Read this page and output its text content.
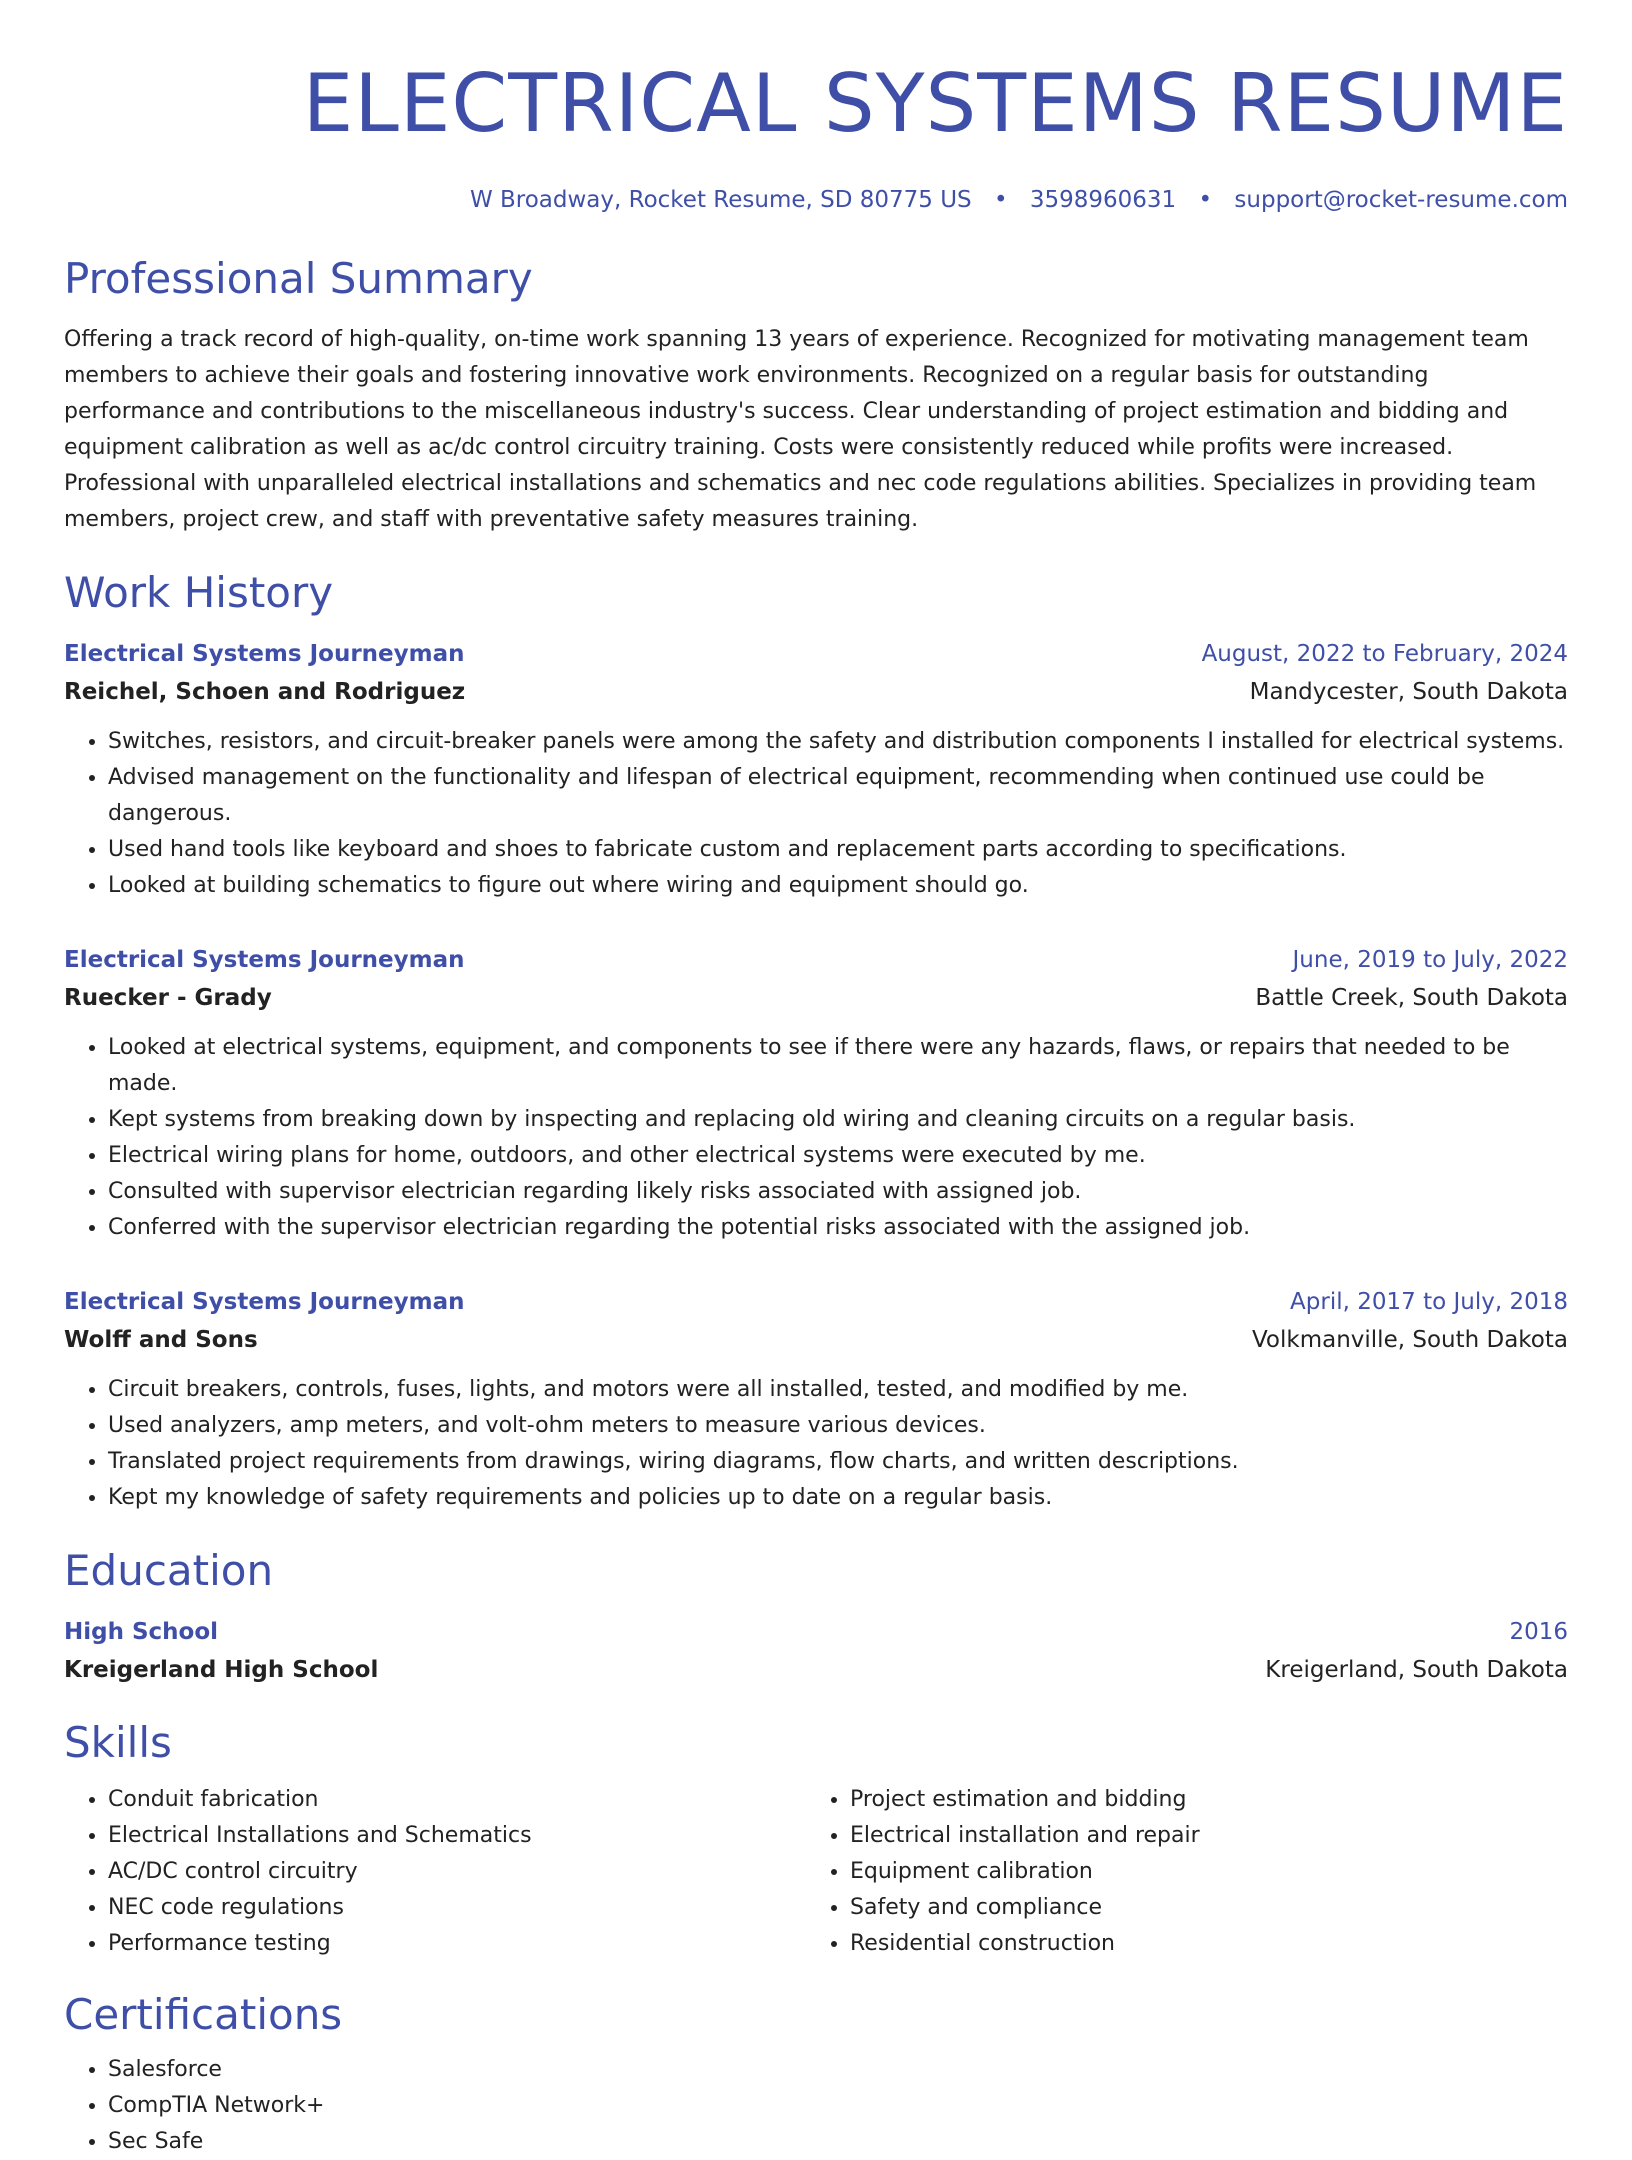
ELECTRICAL SYSTEMS RESUME
W Broadway, Rocket Resume, SD 80775 US • 3598960631 • support@rocket-resume.com
Professional Summary
Offering a track record of high-quality, on-time work spanning 13 years of experience. Recognized for motivating management team members to achieve their goals and fostering innovative work environments. Recognized on a regular basis for outstanding performance and contributions to the miscellaneous industry's success. Clear understanding of project estimation and bidding and equipment calibration as well as ac/dc control circuitry training. Costs were consistently reduced while profits were increased. Professional with unparalleled electrical installations and schematics and nec code regulations abilities. Specializes in providing team members, project crew, and staff with preventative safety measures training.
Work History
Electrical Systems Journeyman	August, 2022 to February, 2024
Reichel, Schoen and Rodriguez	Mandycester, South Dakota
• Switches, resistors, and circuit-breaker panels were among the safety and distribution components I installed for electrical systems.
• Advised management on the functionality and lifespan of electrical equipment, recommending when continued use could be dangerous.
• Used hand tools like keyboard and shoes to fabricate custom and replacement parts according to specifications.
• Looked at building schematics to figure out where wiring and equipment should go.
Electrical Systems Journeyman	June, 2019 to July, 2022
Ruecker - Grady	Battle Creek, South Dakota
• Looked at electrical systems, equipment, and components to see if there were any hazards, flaws, or repairs that needed to be made.
• Kept systems from breaking down by inspecting and replacing old wiring and cleaning circuits on a regular basis.
• Electrical wiring plans for home, outdoors, and other electrical systems were executed by me.
• Consulted with supervisor electrician regarding likely risks associated with assigned job.
• Conferred with the supervisor electrician regarding the potential risks associated with the assigned job.
Electrical Systems Journeyman	April, 2017 to July, 2018
Wolff and Sons	Volkmanville, South Dakota
• Circuit breakers, controls, fuses, lights, and motors were all installed, tested, and modified by me.
• Used analyzers, amp meters, and volt-ohm meters to measure various devices.
• Translated project requirements from drawings, wiring diagrams, flow charts, and written descriptions.
• Kept my knowledge of safety requirements and policies up to date on a regular basis.
Education
High School	2016
Kreigerland High School	Kreigerland, South Dakota
Skills
• Conduit fabrication
• Electrical Installations and Schematics
• AC/DC control circuitry
• NEC code regulations
• Performance testing
• Project estimation and bidding
• Electrical installation and repair
• Equipment calibration
• Safety and compliance
• Residential construction
Certifications
• Salesforce
• CompTIA Network+
• Sec Safe
